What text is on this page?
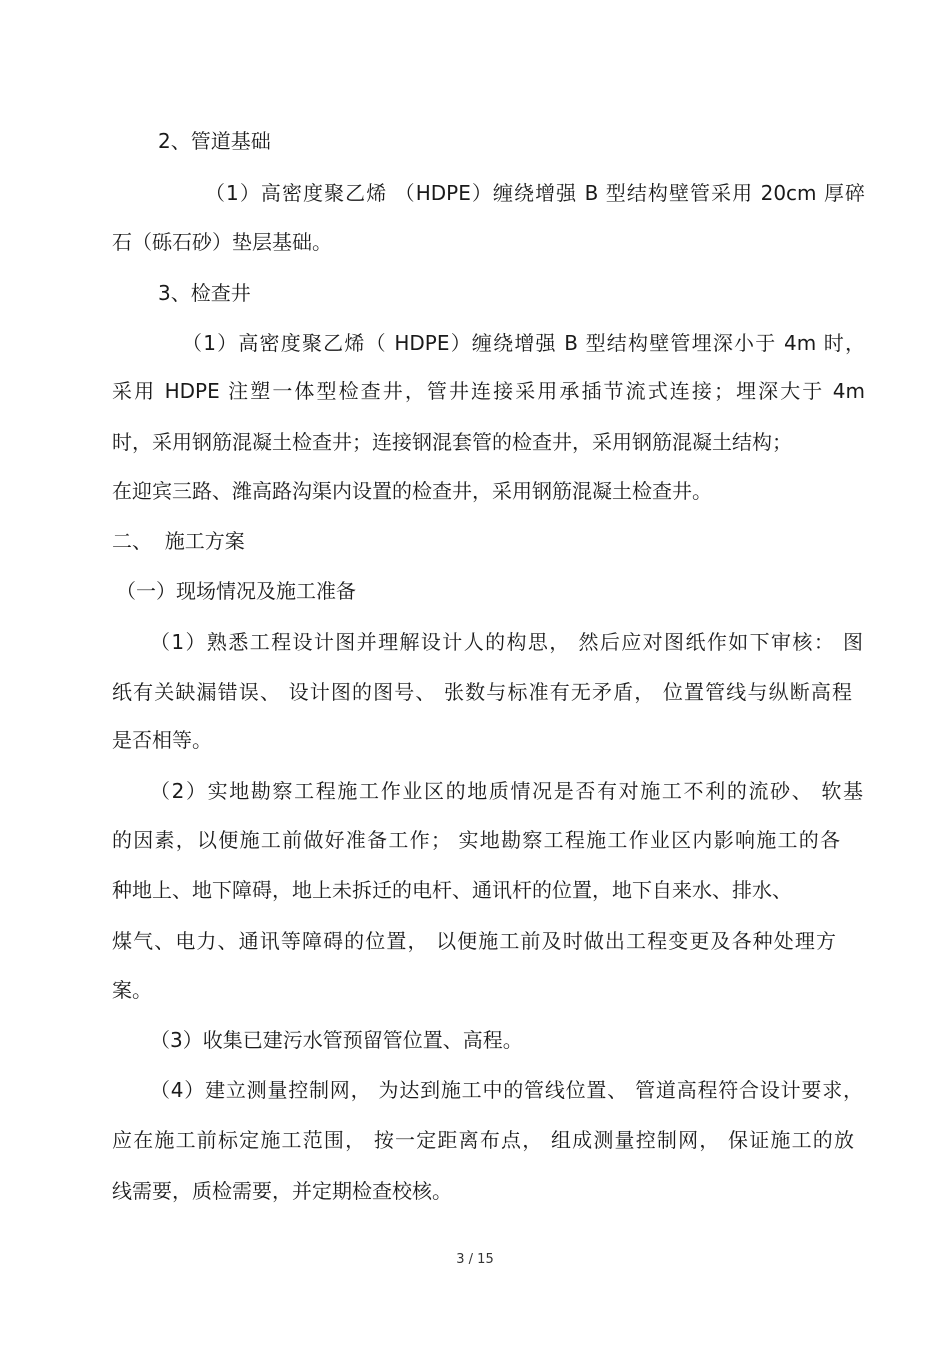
2、管道基础
（1）高密度聚乙烯 （HDPE）缠绕增强 B 型结构壁管采用 20cm 厚碎
石（砾石砂）垫层基础。
3、检查井
（1）高密度聚乙烯（ HDPE）缠绕增强 B 型结构壁管埋深小于 4m 时，
采用 HDPE 注塑一体型检查井，管井连接采用承插节流式连接；埋深大于 4m
时，采用钢筋混凝土检查井；连接钢混套管的检查井，采用钢筋混凝土结构；
在迎宾三路、潍高路沟渠内设置的检查井，采用钢筋混凝土检查井。
二、  施工方案
（一）现场情况及施工准备
（1）熟悉工程设计图并理解设计人的构思， 然后应对图纸作如下审核： 图
纸有关缺漏错误、 设计图的图号、 张数与标准有无矛盾， 位置管线与纵断高程
是否相等。
（2）实地勘察工程施工作业区的地质情况是否有对施工不利的流砂、 软基
的因素，以便施工前做好准备工作； 实地勘察工程施工作业区内影响施工的各
种地上、地下障碍，地上未拆迁的电杆、通讯杆的位置，地下自来水、排水、
煤气、电力、通讯等障碍的位置， 以便施工前及时做出工程变更及各种处理方
案。
（3）收集已建污水管预留管位置、高程。
（4）建立测量控制网， 为达到施工中的管线位置、 管道高程符合设计要求，
应在施工前标定施工范围， 按一定距离布点， 组成测量控制网， 保证施工的放
线需要，质检需要，并定期检查校核。
3 / 15
